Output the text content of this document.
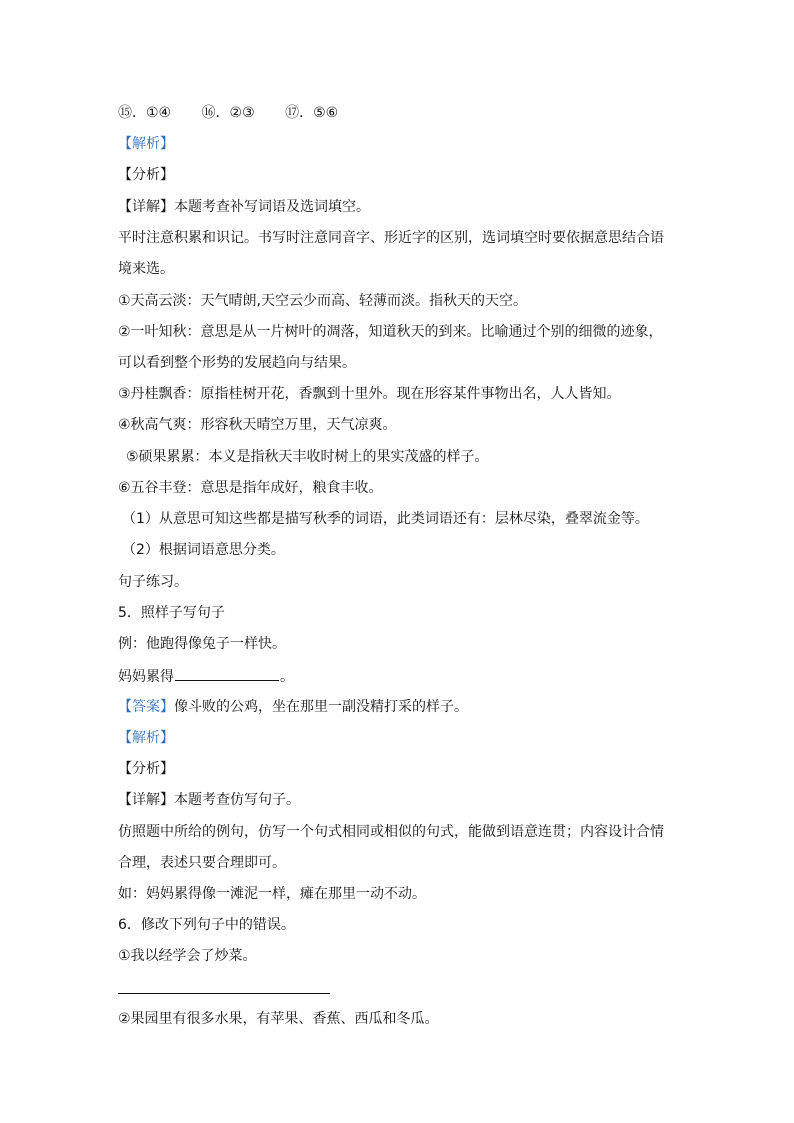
⑮．①④ ⑯．②③ ⑰．⑤⑥
【解析】
【分析】
【详解】本题考查补写词语及选词填空。
平时注意积累和识记。书写时注意同音字、形近字的区别，选词填空时要依据意思结合语
境来选。
①天高云淡：天气晴朗,天空云少而高、轻薄而淡。指秋天的天空。
②一叶知秋：意思是从一片树叶的凋落，知道秋天的到来。比喻通过个别的细微的迹象，
可以看到整个形势的发展趋向与结果。
③丹桂飘香：原指桂树开花，香飘到十里外。现在形容某件事物出名，人人皆知。
④秋高气爽：形容秋天晴空万里，天气凉爽。
⑤硕果累累：本义是指秋天丰收时树上的果实茂盛的样子。
⑥五谷丰登：意思是指年成好，粮食丰收。
（1）从意思可知这些都是描写秋季的词语，此类词语还有：层林尽染，叠翠流金等。
（2）根据词语意思分类。
句子练习。
5．照样子写句子
例：他跑得像兔子一样快。
妈妈累得	。
【答案】像斗败的公鸡，坐在那里一副没精打采的样子。
【解析】
【分析】
【详解】本题考查仿写句子。
仿照题中所给的例句，仿写一个句式相同或相似的句式，能做到语意连贯；内容设计合情
合理，表述只要合理即可。
如：妈妈累得像一滩泥一样，瘫在那里一动不动。
6．修改下列句子中的错误。
①我以经学会了炒菜。
②果园里有很多水果，有苹果、香蕉、西瓜和冬瓜。
